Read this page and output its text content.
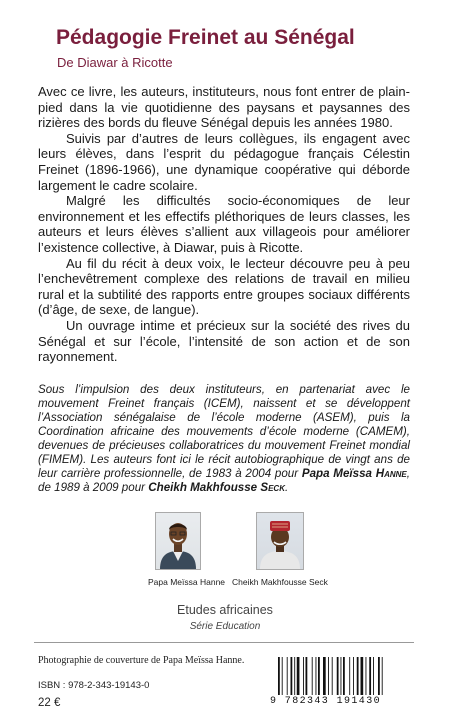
Pédagogie Freinet au Sénégal
De Diawar à Ricotte

Avec ce livre, les auteurs, instituteurs, nous font entrer de plain-pied dans la vie quotidienne des paysans et paysannes des rizières des bords du fleuve Sénégal depuis les années 1980.

Suivis par d’autres de leurs collègues, ils engagent avec leurs élèves, dans l’esprit du pédagogue français Célestin Freinet (1896-1966), une dynamique coopérative qui déborde largement le cadre scolaire.

Malgré les difficultés socio-économiques de leur environnement et les effectifs pléthoriques de leurs classes, les auteurs et leurs élèves s’allient aux villageois pour améliorer l’existence collective, à Diawar, puis à Ricotte.

Au fil du récit à deux voix, le lecteur découvre peu à peu l’enchevêtrement complexe des relations de travail en milieu rural et la subtilité des rapports entre groupes sociaux différents (d’âge, de sexe, de langue).

Un ouvrage intime et précieux sur la société des rives du Sénégal et sur l’école, l’intensité de son action et de son rayonnement.

Sous l’impulsion des deux instituteurs, en partenariat avec le mouvement Freinet français (ICEM), naissent et se développent l’Association sénégalaise de l’école moderne (ASEM), puis la Coordination africaine des mouvements d’école moderne (CAMEM), devenues de précieuses collaboratrices du mouvement Freinet mondial (FIMEM). Les auteurs font ici le récit autobiographique de vingt ans de leur carrière professionnelle, de 1983 à 2004 pour Papa Meïssa Hanne, de 1989 à 2009 pour Cheikh Makhfousse Seck.
Papa Meïssa Hanne Cheikh Makhfousse Seck
Etudes africaines
Série Education
Photographie de couverture de Papa Meïssa Hanne.
ISBN : 978-2-343-19143-0
22 €	9 782343 191430
